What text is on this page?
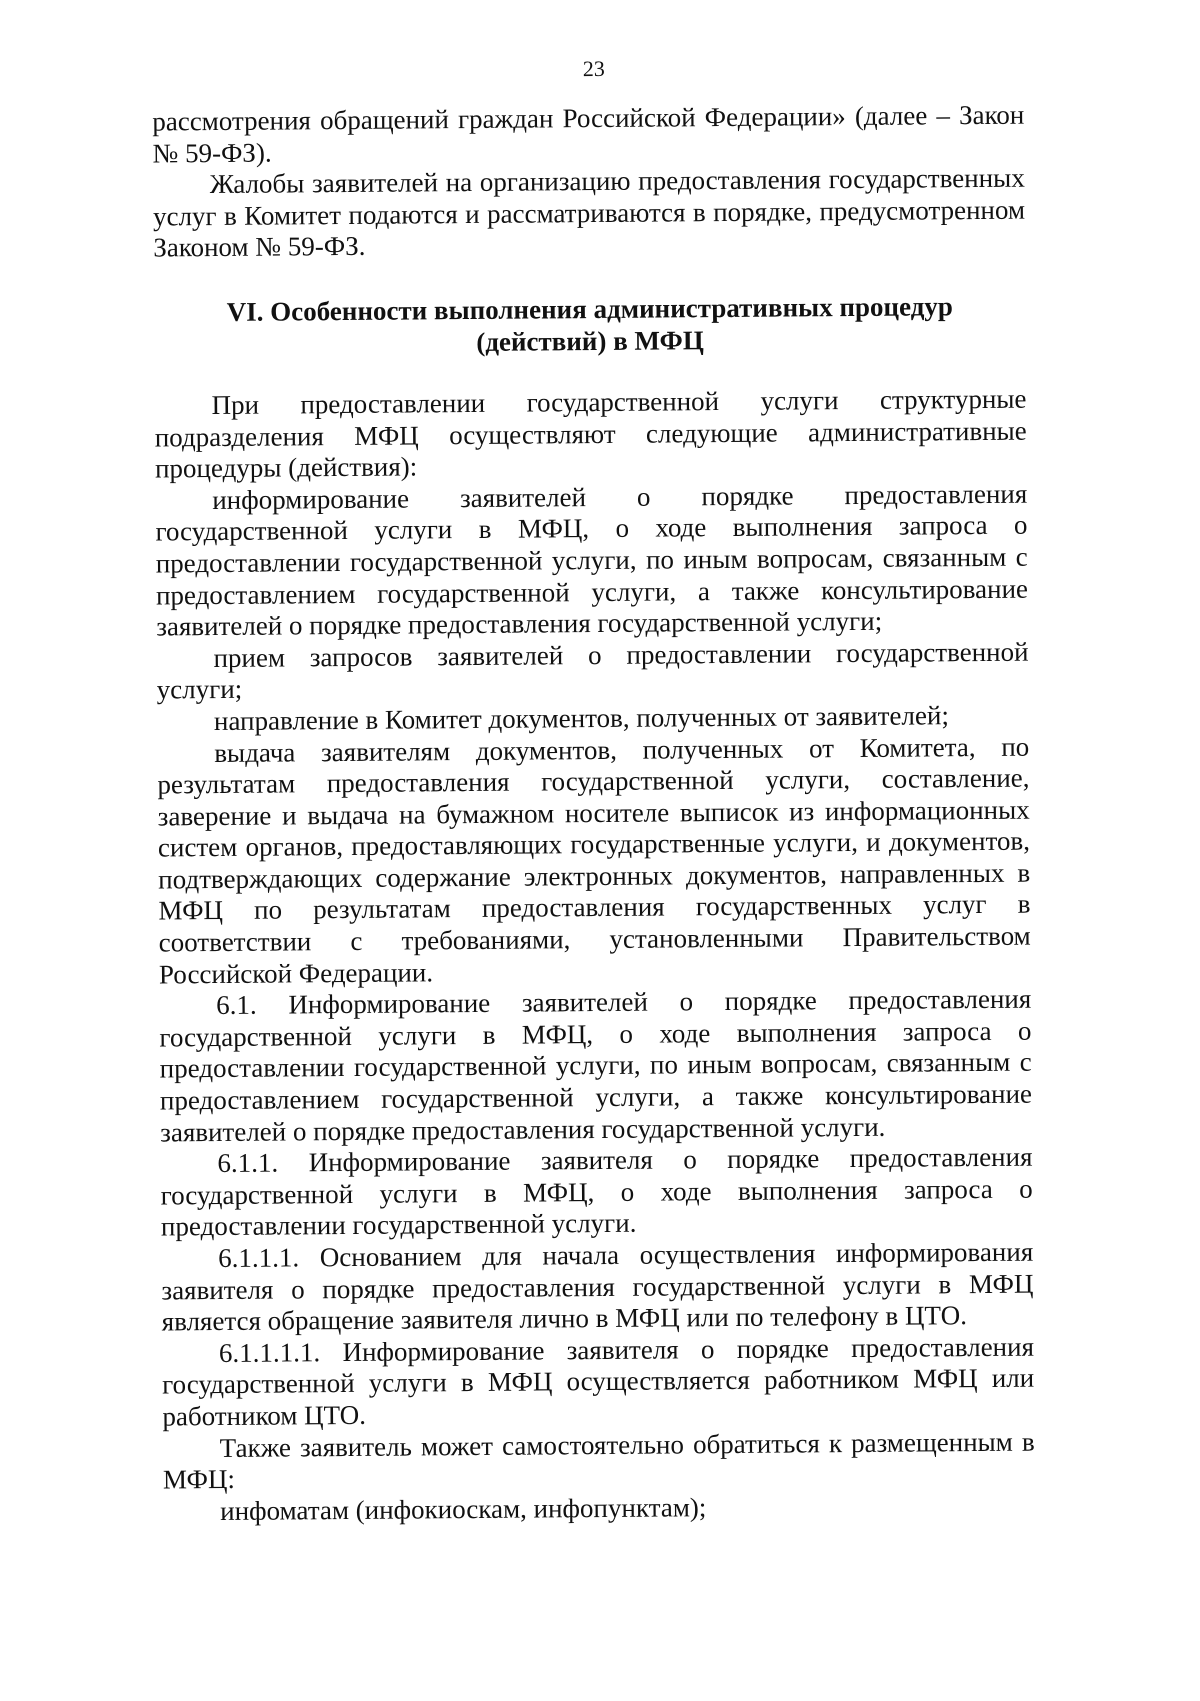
23

рассмотрения обращений граждан Российской Федерации» (далее – Закон № 59-ФЗ).

Жалобы заявителей на организацию предоставления государственных услуг в Комитет подаются и рассматриваются в порядке, предусмотренном Законом № 59-ФЗ.

VI. Особенности выполнения административных процедур
(действий) в МФЦ

При предоставлении государственной услуги структурные подразделения МФЦ осуществляют следующие административные процедуры (действия):

информирование заявителей о порядке предоставления государственной услуги в МФЦ, о ходе выполнения запроса о предоставлении государственной услуги, по иным вопросам, связанным с предоставлением государственной услуги, а также консультирование заявителей о порядке предоставления государственной услуги;

прием запросов заявителей о предоставлении государственной услуги;

направление в Комитет документов, полученных от заявителей;

выдача заявителям документов, полученных от Комитета, по результатам предоставления государственной услуги, составление, заверение и выдача на бумажном носителе выписок из информационных систем органов, предоставляющих государственные услуги, и документов, подтверждающих содержание электронных документов, направленных в МФЦ по результатам предоставления государственных услуг в соответствии с требованиями, установленными Правительством Российской Федерации.

6.1. Информирование заявителей о порядке предоставления государственной услуги в МФЦ, о ходе выполнения запроса о предоставлении государственной услуги, по иным вопросам, связанным с предоставлением государственной услуги, а также консультирование заявителей о порядке предоставления государственной услуги.

6.1.1. Информирование заявителя о порядке предоставления государственной услуги в МФЦ, о ходе выполнения запроса о предоставлении государственной услуги.

6.1.1.1. Основанием для начала осуществления информирования заявителя о порядке предоставления государственной услуги в МФЦ является обращение заявителя лично в МФЦ или по телефону в ЦТО.

6.1.1.1.1. Информирование заявителя о порядке предоставления государственной услуги в МФЦ осуществляется работником МФЦ или работником ЦТО.

Также заявитель может самостоятельно обратиться к размещенным в МФЦ:

инфоматам (инфокиоскам, инфопунктам);
